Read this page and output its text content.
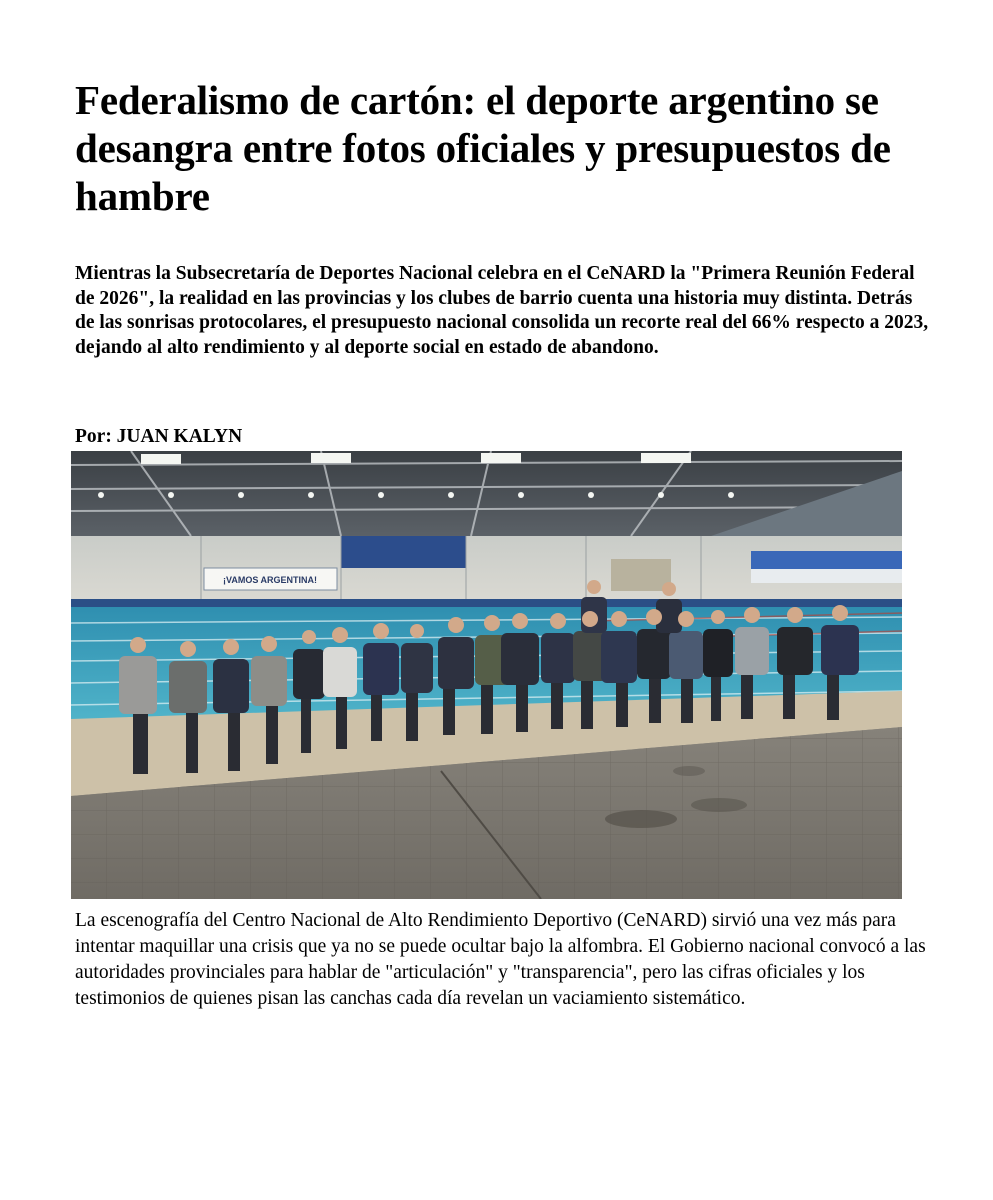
Federalismo de cartón: el deporte argentino se desangra entre fotos oficiales y presupuestos de hambre

Mientras la Subsecretaría de Deportes Nacional celebra en el CeNARD la "Primera Reunión Federal de 2026", la realidad en las provincias y los clubes de barrio cuenta una historia muy distinta. Detrás de las sonrisas protocolares, el presupuesto nacional consolida un recorte real del 66% respecto a 2023, dejando al alto rendimiento y al deporte social en estado de abandono.

Por: JUAN KALYN

¡VAMOS ARGENTINA!

La escenografía del Centro Nacional de Alto Rendimiento Deportivo (CeNARD) sirvió una vez más para intentar maquillar una crisis que ya no se puede ocultar bajo la alfombra. El Gobierno nacional convocó a las autoridades provinciales para hablar de "articulación" y "transparencia", pero las cifras oficiales y los testimonios de quienes pisan las canchas cada día revelan un vaciamiento sistemático.
